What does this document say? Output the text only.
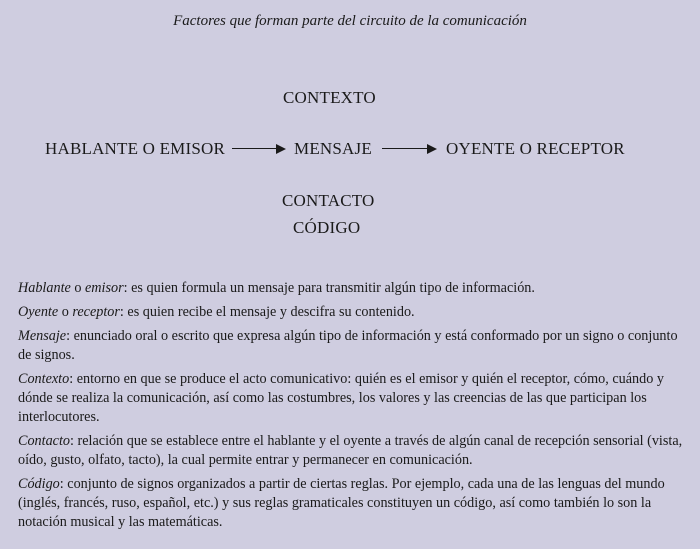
Factores que forman parte del circuito de la comunicación
CONTEXTO
HABLANTE O EMISOR	MENSAJE	OYENTE O RECEPTOR
CONTACTO
CÓDIGO

Hablante o emisor: es quien formula un mensaje para transmitir algún tipo de información.

Oyente o receptor: es quien recibe el mensaje y descifra su contenido.

Mensaje: enunciado oral o escrito que expresa algún tipo de información y está conformado por un signo o conjunto de signos.

Contexto: entorno en que se produce el acto comunicativo: quién es el emisor y quién el receptor, cómo, cuándo y dónde se realiza la comunicación, así como las costumbres, los valores y las creencias de las que participan los interlocutores.

Contacto: relación que se establece entre el hablante y el oyente a través de algún canal de recepción sensorial (vista, oído, gusto, olfato, tacto), la cual permite entrar y permanecer en comunicación.

Código: conjunto de signos organizados a partir de ciertas reglas. Por ejemplo, cada una de las lenguas del mundo (inglés, francés, ruso, español, etc.) y sus reglas gramaticales constituyen un código, así como también lo son la notación musical y las matemáticas.
